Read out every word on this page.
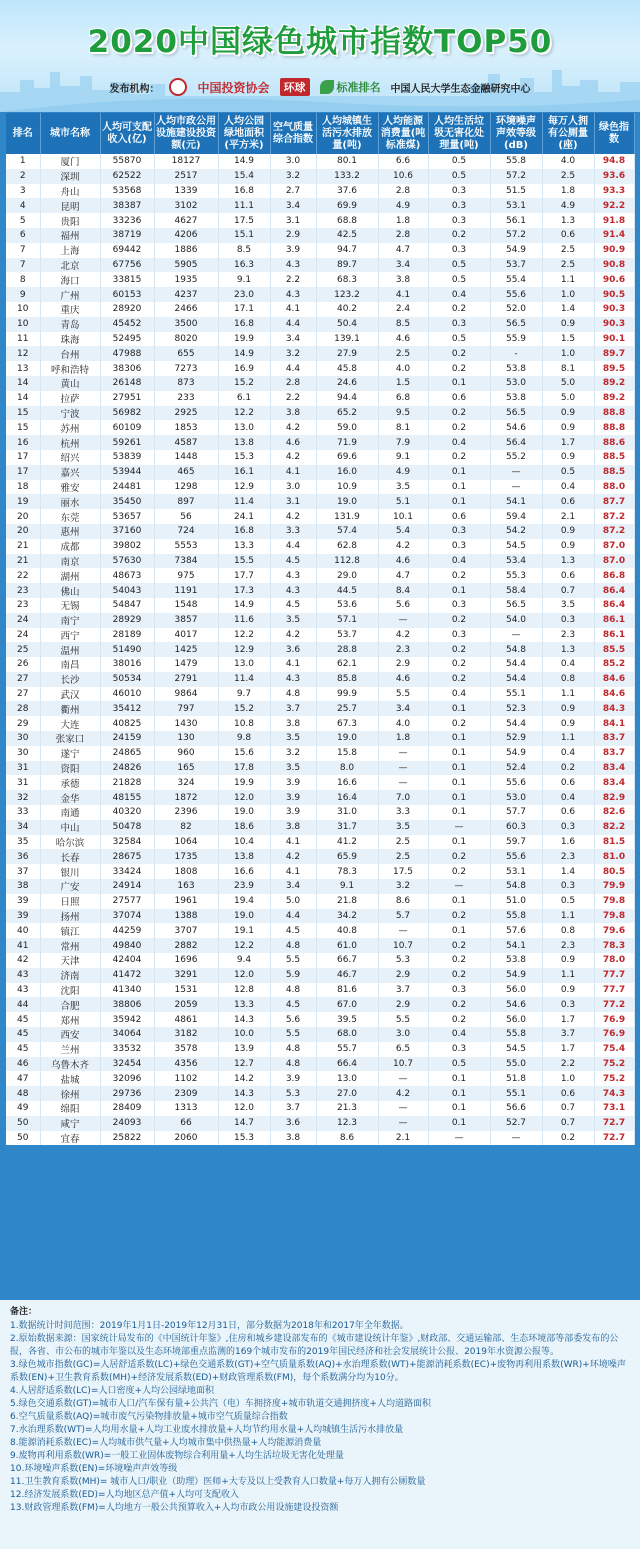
2020中国绿色城市指数TOP50
发布机构：	中国投资协会	环球	标准排名 中国人民大学生态金融研究中心
排名	城市名称	人均可支配收入(亿)	人均市政公用设施建设投资额(元)	人均公园绿地面积(平方米)	空气质量综合指数	人均城镇生活污水排放量(吨)	人均能源消费量(吨标准煤)	人均生活垃圾无害化处理量(吨)	环境噪声声效等级(dB)	每万人拥有公厕量(座)	绿色指数
1	厦门	55870	18127	14.9	3.0	80.1	6.6	0.5	55.8	4.0	94.8
2	深圳	62522	2517	15.4	3.2	133.2	10.6	0.5	57.2	2.5	93.6
3	舟山	53568	1339	16.8	2.7	37.6	2.8	0.3	51.5	1.8	93.3
4	昆明	38387	3102	11.1	3.4	69.9	4.9	0.3	53.1	4.9	92.2
5	贵阳	33236	4627	17.5	3.1	68.8	1.8	0.3	56.1	1.3	91.8
6	福州	38719	4206	15.1	2.9	42.5	2.8	0.2	57.2	0.6	91.4
7	上海	69442	1886	8.5	3.9	94.7	4.7	0.3	54.9	2.5	90.9
7	北京	67756	5905	16.3	4.3	89.7	3.4	0.5	53.7	2.5	90.8
8	海口	33815	1935	9.1	2.2	68.3	3.8	0.5	55.4	1.1	90.6
9	广州	60153	4237	23.0	4.3	123.2	4.1	0.4	55.6	1.0	90.5
10	重庆	28920	2466	17.1	4.1	40.2	2.4	0.2	52.0	1.4	90.3
10	青岛	45452	3500	16.8	4.4	50.4	8.5	0.3	56.5	0.9	90.3
11	珠海	52495	8020	19.9	3.4	139.1	4.6	0.5	55.9	1.5	90.1
12	台州	47988	655	14.9	3.2	27.9	2.5	0.2	-	1.0	89.7
13	呼和浩特	38306	7273	16.9	4.4	45.8	4.0	0.2	53.8	8.1	89.5
14	黄山	26148	873	15.2	2.8	24.6	1.5	0.1	53.0	5.0	89.2
14	拉萨	27951	233	6.1	2.2	94.4	6.8	0.6	53.8	5.0	89.2
15	宁波	56982	2925	12.2	3.8	65.2	9.5	0.2	56.5	0.9	88.8
15	苏州	60109	1853	13.0	4.2	59.0	8.1	0.2	54.6	0.9	88.8
16	杭州	59261	4587	13.8	4.6	71.9	7.9	0.4	56.4	1.7	88.6
17	绍兴	53839	1448	15.3	4.2	69.6	9.1	0.2	55.2	0.9	88.5
17	嘉兴	53944	465	16.1	4.1	16.0	4.9	0.1	—	0.5	88.5
18	雅安	24481	1298	12.9	3.0	10.9	3.5	0.1	—	0.4	88.0
19	丽水	35450	897	11.4	3.1	19.0	5.1	0.1	54.1	0.6	87.7
20	东莞	53657	56	24.1	4.2	131.9	10.1	0.6	59.4	2.1	87.2
20	惠州	37160	724	16.8	3.3	57.4	5.4	0.3	54.2	0.9	87.2
21	成都	39802	5553	13.3	4.4	62.8	4.2	0.3	54.5	0.9	87.0
21	南京	57630	7384	15.5	4.5	112.8	4.6	0.4	53.4	1.3	87.0
22	湖州	48673	975	17.7	4.3	29.0	4.7	0.2	55.3	0.6	86.8
23	佛山	54043	1191	17.3	4.3	44.5	8.4	0.1	58.4	0.7	86.4
23	无锡	54847	1548	14.9	4.5	53.6	5.6	0.3	56.5	3.5	86.4
24	南宁	28929	3857	11.6	3.5	57.1	—	0.2	54.0	0.3	86.1
24	西宁	28189	4017	12.2	4.2	53.7	4.2	0.3	—	2.3	86.1
25	温州	51490	1425	12.9	3.6	28.8	2.3	0.2	54.8	1.3	85.5
26	南昌	38016	1479	13.0	4.1	62.1	2.9	0.2	54.4	0.4	85.2
27	长沙	50534	2791	11.4	4.3	85.8	4.6	0.2	54.4	0.8	84.6
27	武汉	46010	9864	9.7	4.8	99.9	5.5	0.4	55.1	1.1	84.6
28	衢州	35412	797	15.2	3.7	25.7	3.4	0.1	52.3	0.9	84.3
29	大连	40825	1430	10.8	3.8	67.3	4.0	0.2	54.4	0.9	84.1
30	张家口	24159	130	9.8	3.5	19.0	1.8	0.1	52.9	1.1	83.7
30	遂宁	24865	960	15.6	3.2	15.8	—	0.1	54.9	0.4	83.7
31	资阳	24826	165	17.8	3.5	8.0	—	0.1	52.4	0.2	83.4
31	承德	21828	324	19.9	3.9	16.6	—	0.1	55.6	0.6	83.4
32	金华	48155	1872	12.0	3.9	16.4	7.0	0.1	53.0	0.4	82.9
33	南通	40320	2396	19.0	3.9	31.0	3.3	0.1	57.7	0.6	82.6
34	中山	50478	82	18.6	3.8	31.7	3.5	—	60.3	0.3	82.2
35	哈尔滨	32584	1064	10.4	4.1	41.2	2.5	0.1	59.7	1.6	81.5
36	长春	28675	1735	13.8	4.2	65.9	2.5	0.2	55.6	2.3	81.0
37	银川	33424	1808	16.6	4.1	78.3	17.5	0.2	53.1	1.4	80.5
38	广安	24914	163	23.9	3.4	9.1	3.2	—	54.8	0.3	79.9
39	日照	27577	1961	19.4	5.0	21.8	8.6	0.1	51.0	0.5	79.8
39	扬州	37074	1388	19.0	4.4	34.2	5.7	0.2	55.8	1.1	79.8
40	镇江	44259	3707	19.1	4.5	40.8	—	0.1	57.6	0.8	79.6
41	常州	49840	2882	12.2	4.8	61.0	10.7	0.2	54.1	2.3	78.3
42	天津	42404	1696	9.4	5.5	66.7	5.3	0.2	53.8	0.9	78.0
43	济南	41472	3291	12.0	5.9	46.7	2.9	0.2	54.9	1.1	77.7
43	沈阳	41340	1531	12.8	4.8	81.6	3.7	0.3	56.0	0.9	77.7
44	合肥	38806	2059	13.3	4.5	67.0	2.9	0.2	54.6	0.3	77.2
45	郑州	35942	4861	14.3	5.6	39.5	5.5	0.2	56.0	1.7	76.9
45	西安	34064	3182	10.0	5.5	68.0	3.0	0.4	55.8	3.7	76.9
45	兰州	33532	3578	13.9	4.8	55.7	6.5	0.3	54.5	1.7	75.4
46	乌鲁木齐	32454	4356	12.7	4.8	66.4	10.7	0.5	55.0	2.2	75.2
47	盐城	32096	1102	14.2	3.9	13.0	—	0.1	51.8	1.0	75.2
48	徐州	29736	2309	14.3	5.3	27.0	4.2	0.1	55.1	0.6	74.3
49	绵阳	28409	1313	12.0	3.7	21.3	—	0.1	56.6	0.7	73.1
50	咸宁	24093	66	14.7	3.6	12.3	—	0.1	52.7	0.7	72.7
50	宜春	25822	2060	15.3	3.8	8.6	2.1	—	—	0.2	72.7

备注：

1.数据统计时间范围：2019年1月1日-2019年12月31日，部分数据为2018年和2017年全年数据。

2.原始数据来源：国家统计局发布的《中国统计年鉴》,住房和城乡建设部发布的《城市建设统计年鉴》,财政部、交通运输部、生态环境部等部委发布的公报，各省、市公布的城市年鉴以及生态环境部重点监测的169个城市发布的2019年国民经济和社会发展统计公报、2019年水资源公报等。

3.绿色城市指数(GC)=人居舒适系数(LC)+绿色交通系数(GT)+空气质量系数(AQ)+水治理系数(WT)+能源消耗系数(EC)+废物再利用系数(WR)+环境噪声系数(EN)+卫生教育系数(MH)+经济发展系数(ED)+财政管理系数(FM)，每个系数满分均为10分。

4.人居舒适系数(LC)=人口密度+人均公园绿地面积

5.绿色交通系数(GT)=城市人口/汽车保有量+公共汽（电）车拥挤度+城市轨道交通拥挤度+人均道路面积

6.空气质量系数(AQ)=城市废气污染物排放量+城市空气质量综合指数

7.水治理系数(WT)=人均用水量+人均工业废水排放量+人均节约用水量+人均城镇生活污水排放量

8.能源消耗系数(EC)=人均城市供气量+人均城市集中供热量+人均能源消费量

9.废物再利用系数(WR)=一般工业固体废物综合利用量+人均生活垃圾无害化处理量

10.环境噪声系数(EN)=环境噪声声效等级

11.卫生教育系数(MH)= 城市人口/职业（助理）医师+大专及以上受教育人口数量+每万人拥有公厕数量

12.经济发展系数(ED)=人均地区总产值+人均可支配收入

13.财政管理系数(FM)=人均地方一般公共预算收入+人均市政公用设施建设投资额
